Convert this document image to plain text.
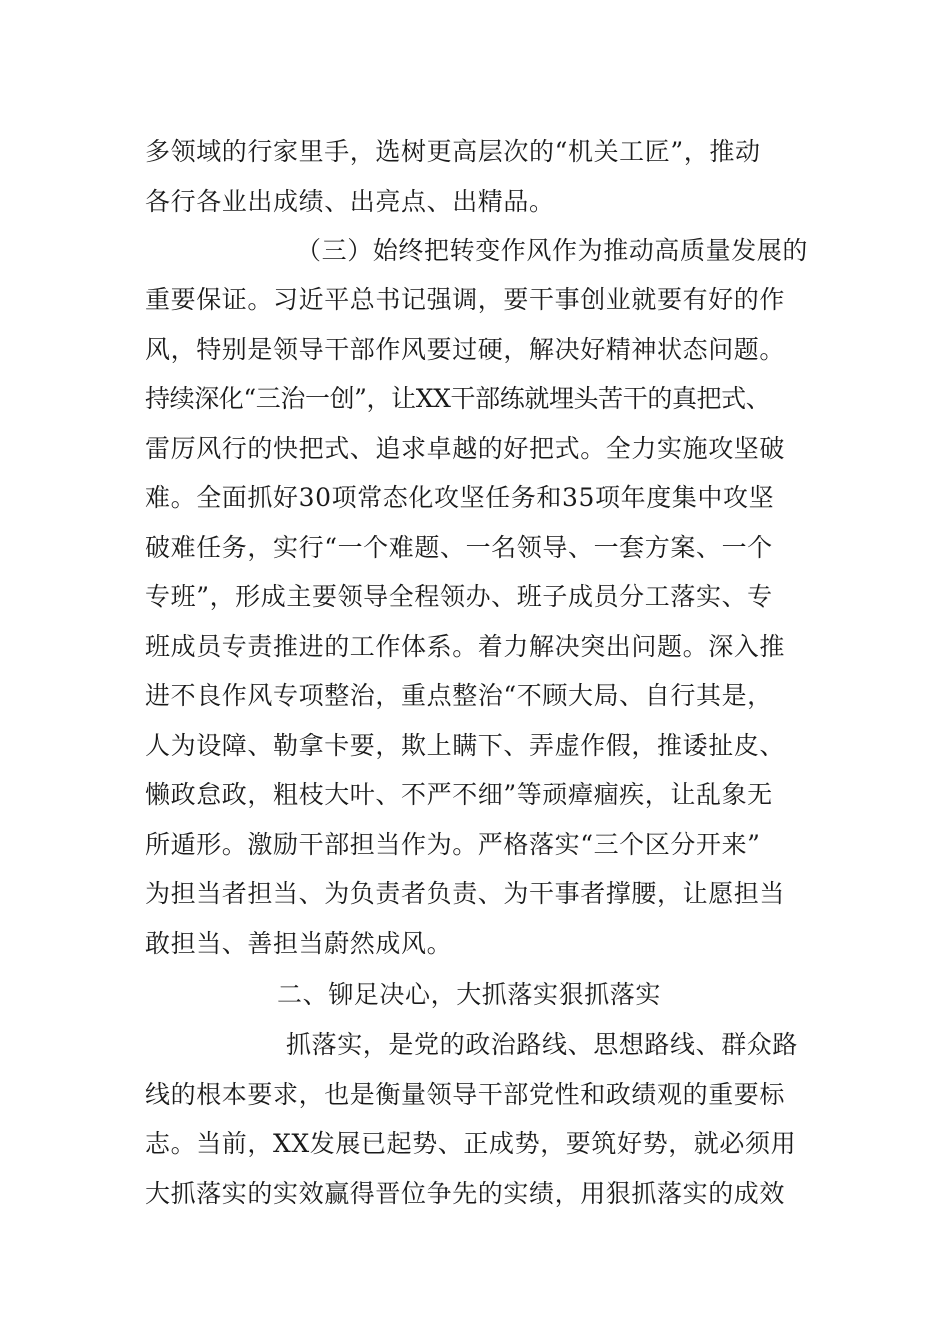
多领域的行家里手，选树更高层次的“机关工匠”，推动
各行各业出成绩、出亮点、出精品。
（三）始终把转变作风作为推动高质量发展的
重要保证。习近平总书记强调，要干事创业就要有好的作
风，特别是领导干部作风要过硬，解决好精神状态问题。
持续深化“三治一创”，让XX干部练就埋头苦干的真把式、
雷厉风行的快把式、追求卓越的好把式。全力实施攻坚破
难。全面抓好30项常态化攻坚任务和35项年度集中攻坚
破难任务，实行“一个难题、一名领导、一套方案、一个
专班”，形成主要领导全程领办、班子成员分工落实、专
班成员专责推进的工作体系。着力解决突出问题。深入推
进不良作风专项整治，重点整治“不顾大局、自行其是，
人为设障、勒拿卡要，欺上瞒下、弄虚作假，推诿扯皮、
懒政怠政，粗枝大叶、不严不细”等顽瘴痼疾，让乱象无
所遁形。激励干部担当作为。严格落实“三个区分开来”
为担当者担当、为负责者负责、为干事者撑腰，让愿担当
敢担当、善担当蔚然成风。
二、铆足决心，大抓落实狠抓落实
抓落实，是党的政治路线、思想路线、群众路
线的根本要求，也是衡量领导干部党性和政绩观的重要标
志。当前，XX发展已起势、正成势，要筑好势，就必须用
大抓落实的实效赢得晋位争先的实绩，用狠抓落实的成效
